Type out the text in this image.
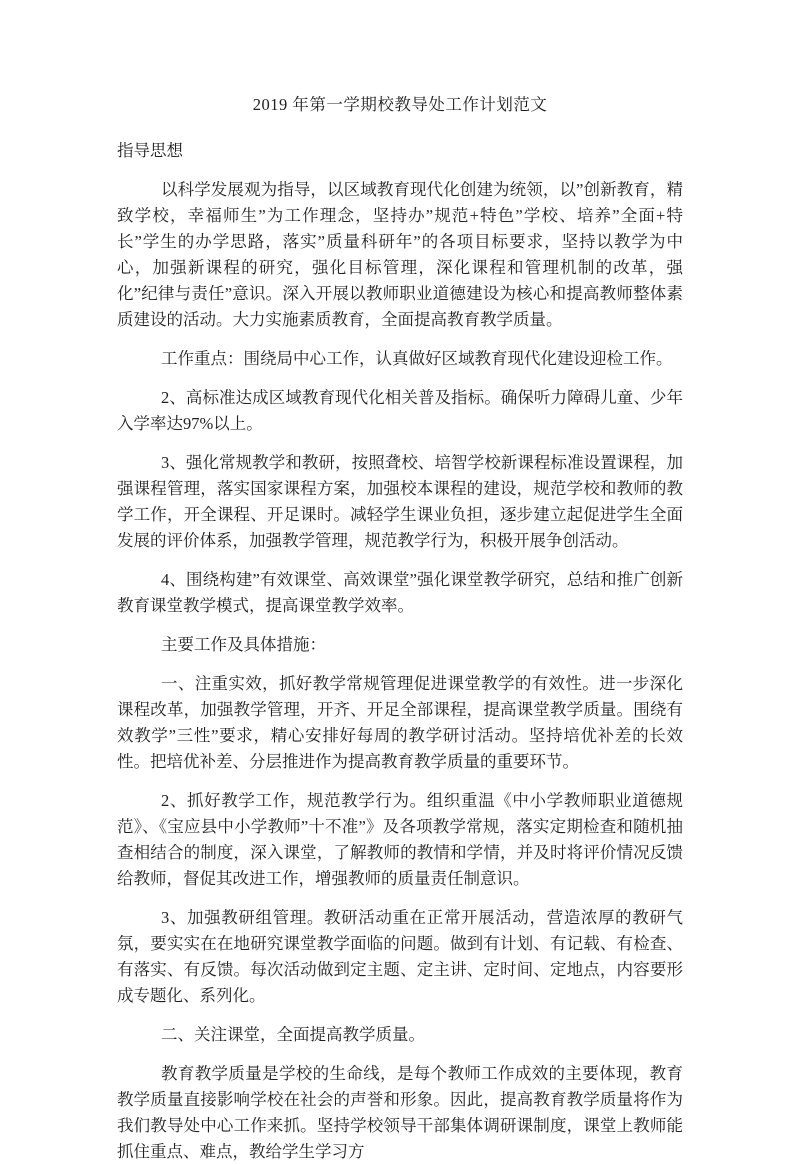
2019 年第一学期校教导处工作计划范文

指导思想

以科学发展观为指导，以区域教育现代化创建为统领，以”创新教育，精致学校，幸福师生”为工作理念，坚持办”规范+特色”学校、培养”全面+特长”学生的办学思路，落实”质量科研年”的各项目标要求，坚持以教学为中心，加强新课程的研究，强化目标管理，深化课程和管理机制的改革，强化”纪律与责任”意识。深入开展以教师职业道德建设为核心和提高教师整体素质建设的活动。大力实施素质教育，全面提高教育教学质量。

工作重点：围绕局中心工作，认真做好区域教育现代化建设迎检工作。

2、高标准达成区域教育现代化相关普及指标。确保听力障碍儿童、少年入学率达97%以上。

3、强化常规教学和教研，按照聋校、培智学校新课程标准设置课程，加强课程管理，落实国家课程方案，加强校本课程的建设，规范学校和教师的教学工作，开全课程、开足课时。减轻学生课业负担，逐步建立起促进学生全面发展的评价体系，加强教学管理，规范教学行为，积极开展争创活动。

4、围绕构建”有效课堂、高效课堂”强化课堂教学研究，总结和推广创新教育课堂教学模式，提高课堂教学效率。

主要工作及具体措施：

一、注重实效，抓好教学常规管理促进课堂教学的有效性。进一步深化课程改革，加强教学管理，开齐、开足全部课程，提高课堂教学质量。围绕有效教学”三性”要求，精心安排好每周的教学研讨活动。坚持培优补差的长效性。把培优补差、分层推进作为提高教育教学质量的重要环节。

2、抓好教学工作，规范教学行为。组织重温《中小学教师职业道德规范》、《宝应县中小学教师”十不准”》及各项教学常规，落实定期检查和随机抽查相结合的制度，深入课堂，了解教师的教情和学情，并及时将评价情况反馈给教师，督促其改进工作，增强教师的质量责任制意识。

3、加强教研组管理。教研活动重在正常开展活动，营造浓厚的教研气氛，要实实在在地研究课堂教学面临的问题。做到有计划、有记载、有检查、有落实、有反馈。每次活动做到定主题、定主讲、定时间、定地点，内容要形成专题化、系列化。

二、关注课堂，全面提高教学质量。

教育教学质量是学校的生命线，是每个教师工作成效的主要体现，教育教学质量直接影响学校在社会的声誉和形象。因此，提高教育教学质量将作为我们教导处中心工作来抓。坚持学校领导干部集体调研课制度，课堂上教师能抓住重点、难点，教给学生学习方
